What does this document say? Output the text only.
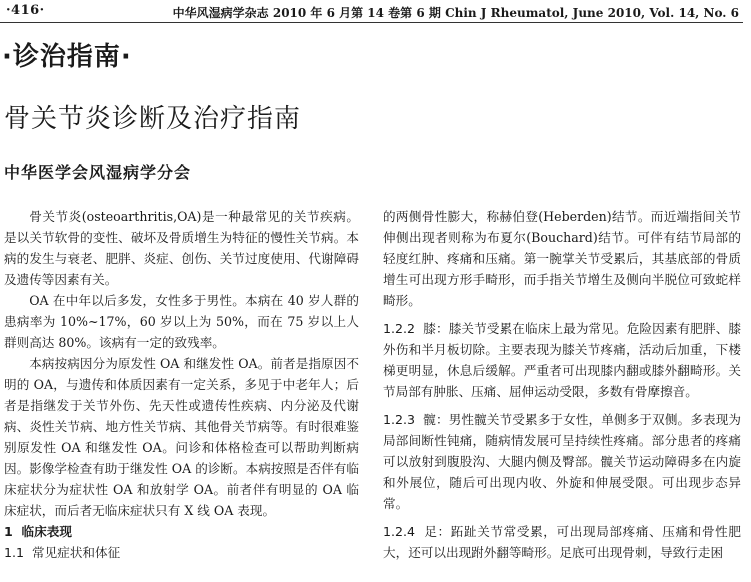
·416·	中华风湿病学杂志 2010 年 6 月第 14 卷第 6 期 Chin J Rheumatol, June 2010, Vol. 14, No. 6
·诊治指南·
骨关节炎诊断及治疗指南
中华医学会风湿病学分会

骨关节炎(osteoarthritis,OA)是一种最常见的关节疾病。是以关节软骨的变性、破坏及骨质增生为特征的慢性关节病。本病的发生与衰老、肥胖、炎症、创伤、关节过度使用、代谢障碍及遗传等因素有关。

OA 在中年以后多发，女性多于男性。本病在 40 岁人群的患病率为 10%~17%，60 岁以上为 50%，而在 75 岁以上人群则高达 80%。该病有一定的致残率。

本病按病因分为原发性 OA 和继发性 OA。前者是指原因不明的 OA，与遗传和体质因素有一定关系，多见于中老年人；后者是指继发于关节外伤、先天性或遗传性疾病、内分泌及代谢病、炎性关节病、地方性关节病、其他骨关节病等。有时很难鉴别原发性 OA 和继发性 OA。问诊和体格检查可以帮助判断病因。影像学检查有助于继发性 OA 的诊断。本病按照是否伴有临床症状分为症状性 OA 和放射学 OA。前者伴有明显的 OA 临床症状，而后者无临床症状只有 X 线 OA 表现。

1 临床表现

1.1 常见症状和体征

的两侧骨性膨大，称赫伯登(Heberden)结节。而近端指间关节伸侧出现者则称为布夏尔(Bouchard)结节。可伴有结节局部的轻度红肿、疼痛和压痛。第一腕掌关节受累后，其基底部的骨质增生可出现方形手畸形，而手指关节增生及侧向半脱位可致蛇样畸形。

1.2.2 膝：膝关节受累在临床上最为常见。危险因素有肥胖、膝外伤和半月板切除。主要表现为膝关节疼痛，活动后加重，下楼梯更明显，休息后缓解。严重者可出现膝内翻或膝外翻畸形。关节局部有肿胀、压痛、屈伸运动受限，多数有骨摩擦音。

1.2.3 髋：男性髋关节受累多于女性，单侧多于双侧。多表现为局部间断性钝痛，随病情发展可呈持续性疼痛。部分患者的疼痛可以放射到腹股沟、大腿内侧及臀部。髋关节运动障碍多在内旋和外展位，随后可出现内收、外旋和伸展受限。可出现步态异常。

1.2.4 足：跖趾关节常受累，可出现局部疼痛、压痛和骨性肥大，还可以出现跗外翻等畸形。足底可出现骨刺，导致行走困
